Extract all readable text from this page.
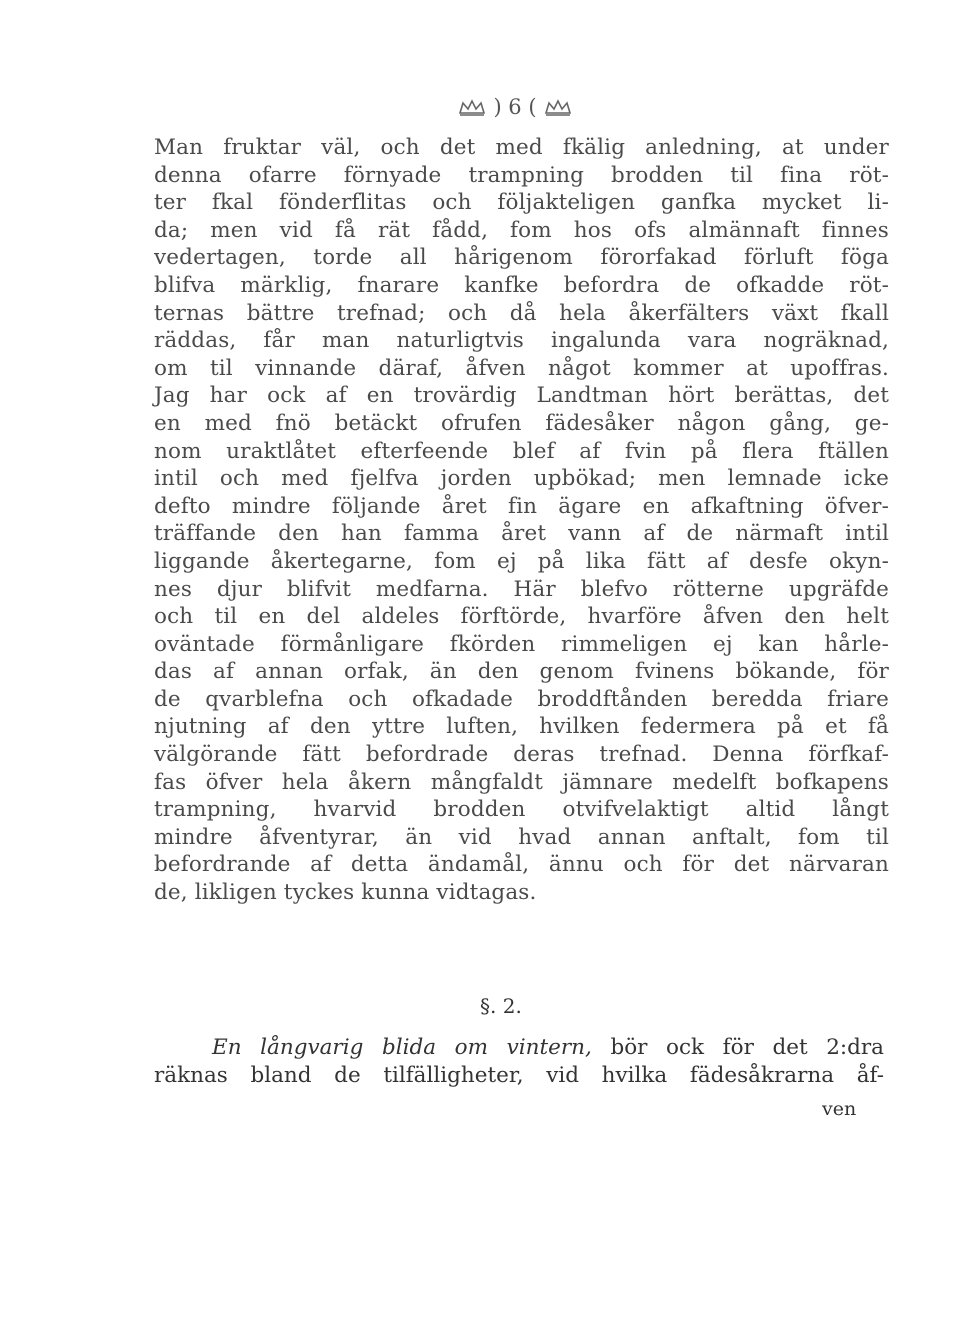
) 6 (
Man fruktar väl, och det med fkälig anledning, at under
denna ofarre förnyade trampning brodden til fina röt-
ter fkal fönderflitas och följakteligen ganfka mycket li-
da; men vid få rät fådd, fom hos ofs almännaft finnes
vedertagen, torde all hårigenom förorfakad förluft föga
blifva märklig, fnarare kanfke befordra de ofkadde röt-
ternas bättre trefnad; och då hela åkerfälters växt fkall
räddas, får man naturligtvis ingalunda vara nogräknad,
om til vinnande däraf, åfven något kommer at upoffras.
Jag har ock af en trovärdig Landtman hört berättas, det
en med fnö betäckt ofrufen fädesåker någon gång, ge-
nom uraktlåtet efterfeende blef af fvin på flera ftällen
intil och med fjelfva jorden upbökad; men lemnade icke
defto mindre följande året fin ägare en afkaftning öfver-
träffande den han famma året vann af de närmaft intil
liggande åkertegarne, fom ej på lika fätt af desfe okyn-
nes djur blifvit medfarna. Här blefvo rötterne upgräfde
och til en del aldeles förftörde, hvarföre åfven den helt
oväntade förmånligare fkörden rimmeligen ej kan hårle-
das af annan orfak, än den genom fvinens bökande, för
de qvarblefna och ofkadade broddftånden beredda friare
njutning af den yttre luften, hvilken federmera på et få
välgörande fätt befordrade deras trefnad. Denna förfkaf-
fas öfver hela åkern mångfaldt jämnare medelft bofkapens
trampning, hvarvid brodden otvifvelaktigt altid långt
mindre åfventyrar, än vid hvad annan anftalt, fom til
befordrande af detta ändamål, ännu och för det närvaran
de, likligen tyckes kunna vidtagas.
§. 2.
En långvarig blida om vintern, bör ock för det 2:dra
räknas bland de tilfälligheter, vid hvilka fädesåkrarna åf-
ven
